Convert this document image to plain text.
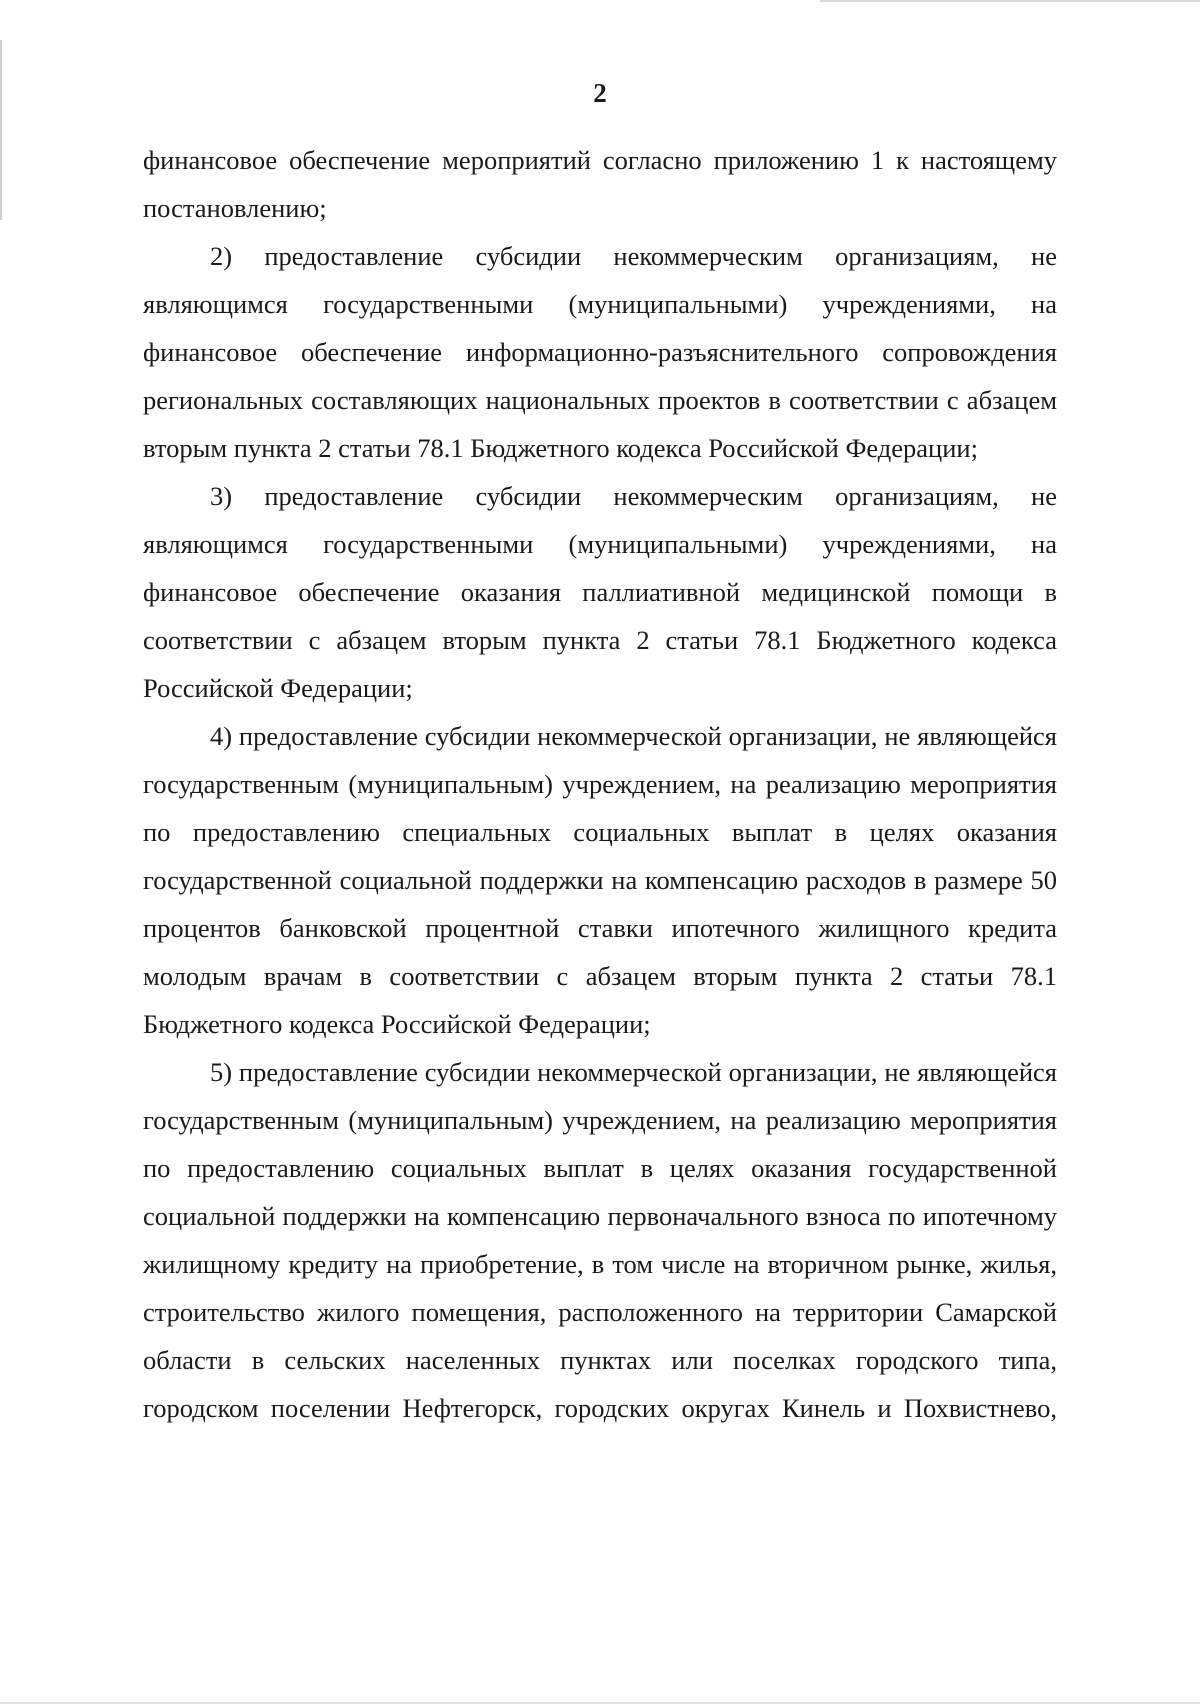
2

финансовое обеспечение мероприятий согласно приложению 1 к настоящему постановлению;

2) предоставление субсидии некоммерческим организациям, не являющимся государственными (муниципальными) учреждениями, на финансовое обеспечение информационно-разъяснительного сопровождения региональных составляющих национальных проектов в соответствии с абзацем вторым пункта 2 статьи 78.1 Бюджетного кодекса Российской Федерации;

3) предоставление субсидии некоммерческим организациям, не являющимся государственными (муниципальными) учреждениями, на финансовое обеспечение оказания паллиативной медицинской помощи в соответствии с абзацем вторым пункта 2 статьи 78.1 Бюджетного кодекса Российской Федерации;

4) предоставление субсидии некоммерческой организации, не являющейся государственным (муниципальным) учреждением, на реализацию мероприятия по предоставлению специальных социальных выплат в целях оказания государственной социальной поддержки на компенсацию расходов в размере 50 процентов банковской процентной ставки ипотечного жилищного кредита молодым врачам в соответствии с абзацем вторым пункта 2 статьи 78.1 Бюджетного кодекса Российской Федерации;

5) предоставление субсидии некоммерческой организации, не являющейся государственным (муниципальным) учреждением, на реализацию мероприятия по предоставлению социальных выплат в целях оказания государственной социальной поддержки на компенсацию первоначального взноса по ипотечному жилищному кредиту на приобретение, в том числе на вторичном рынке, жилья, строительство жилого помещения, расположенного на территории Самарской области в сельских населенных пунктах или поселках городского типа, городском поселении Нефтегорск, городских округах Кинель и Похвистнево,
